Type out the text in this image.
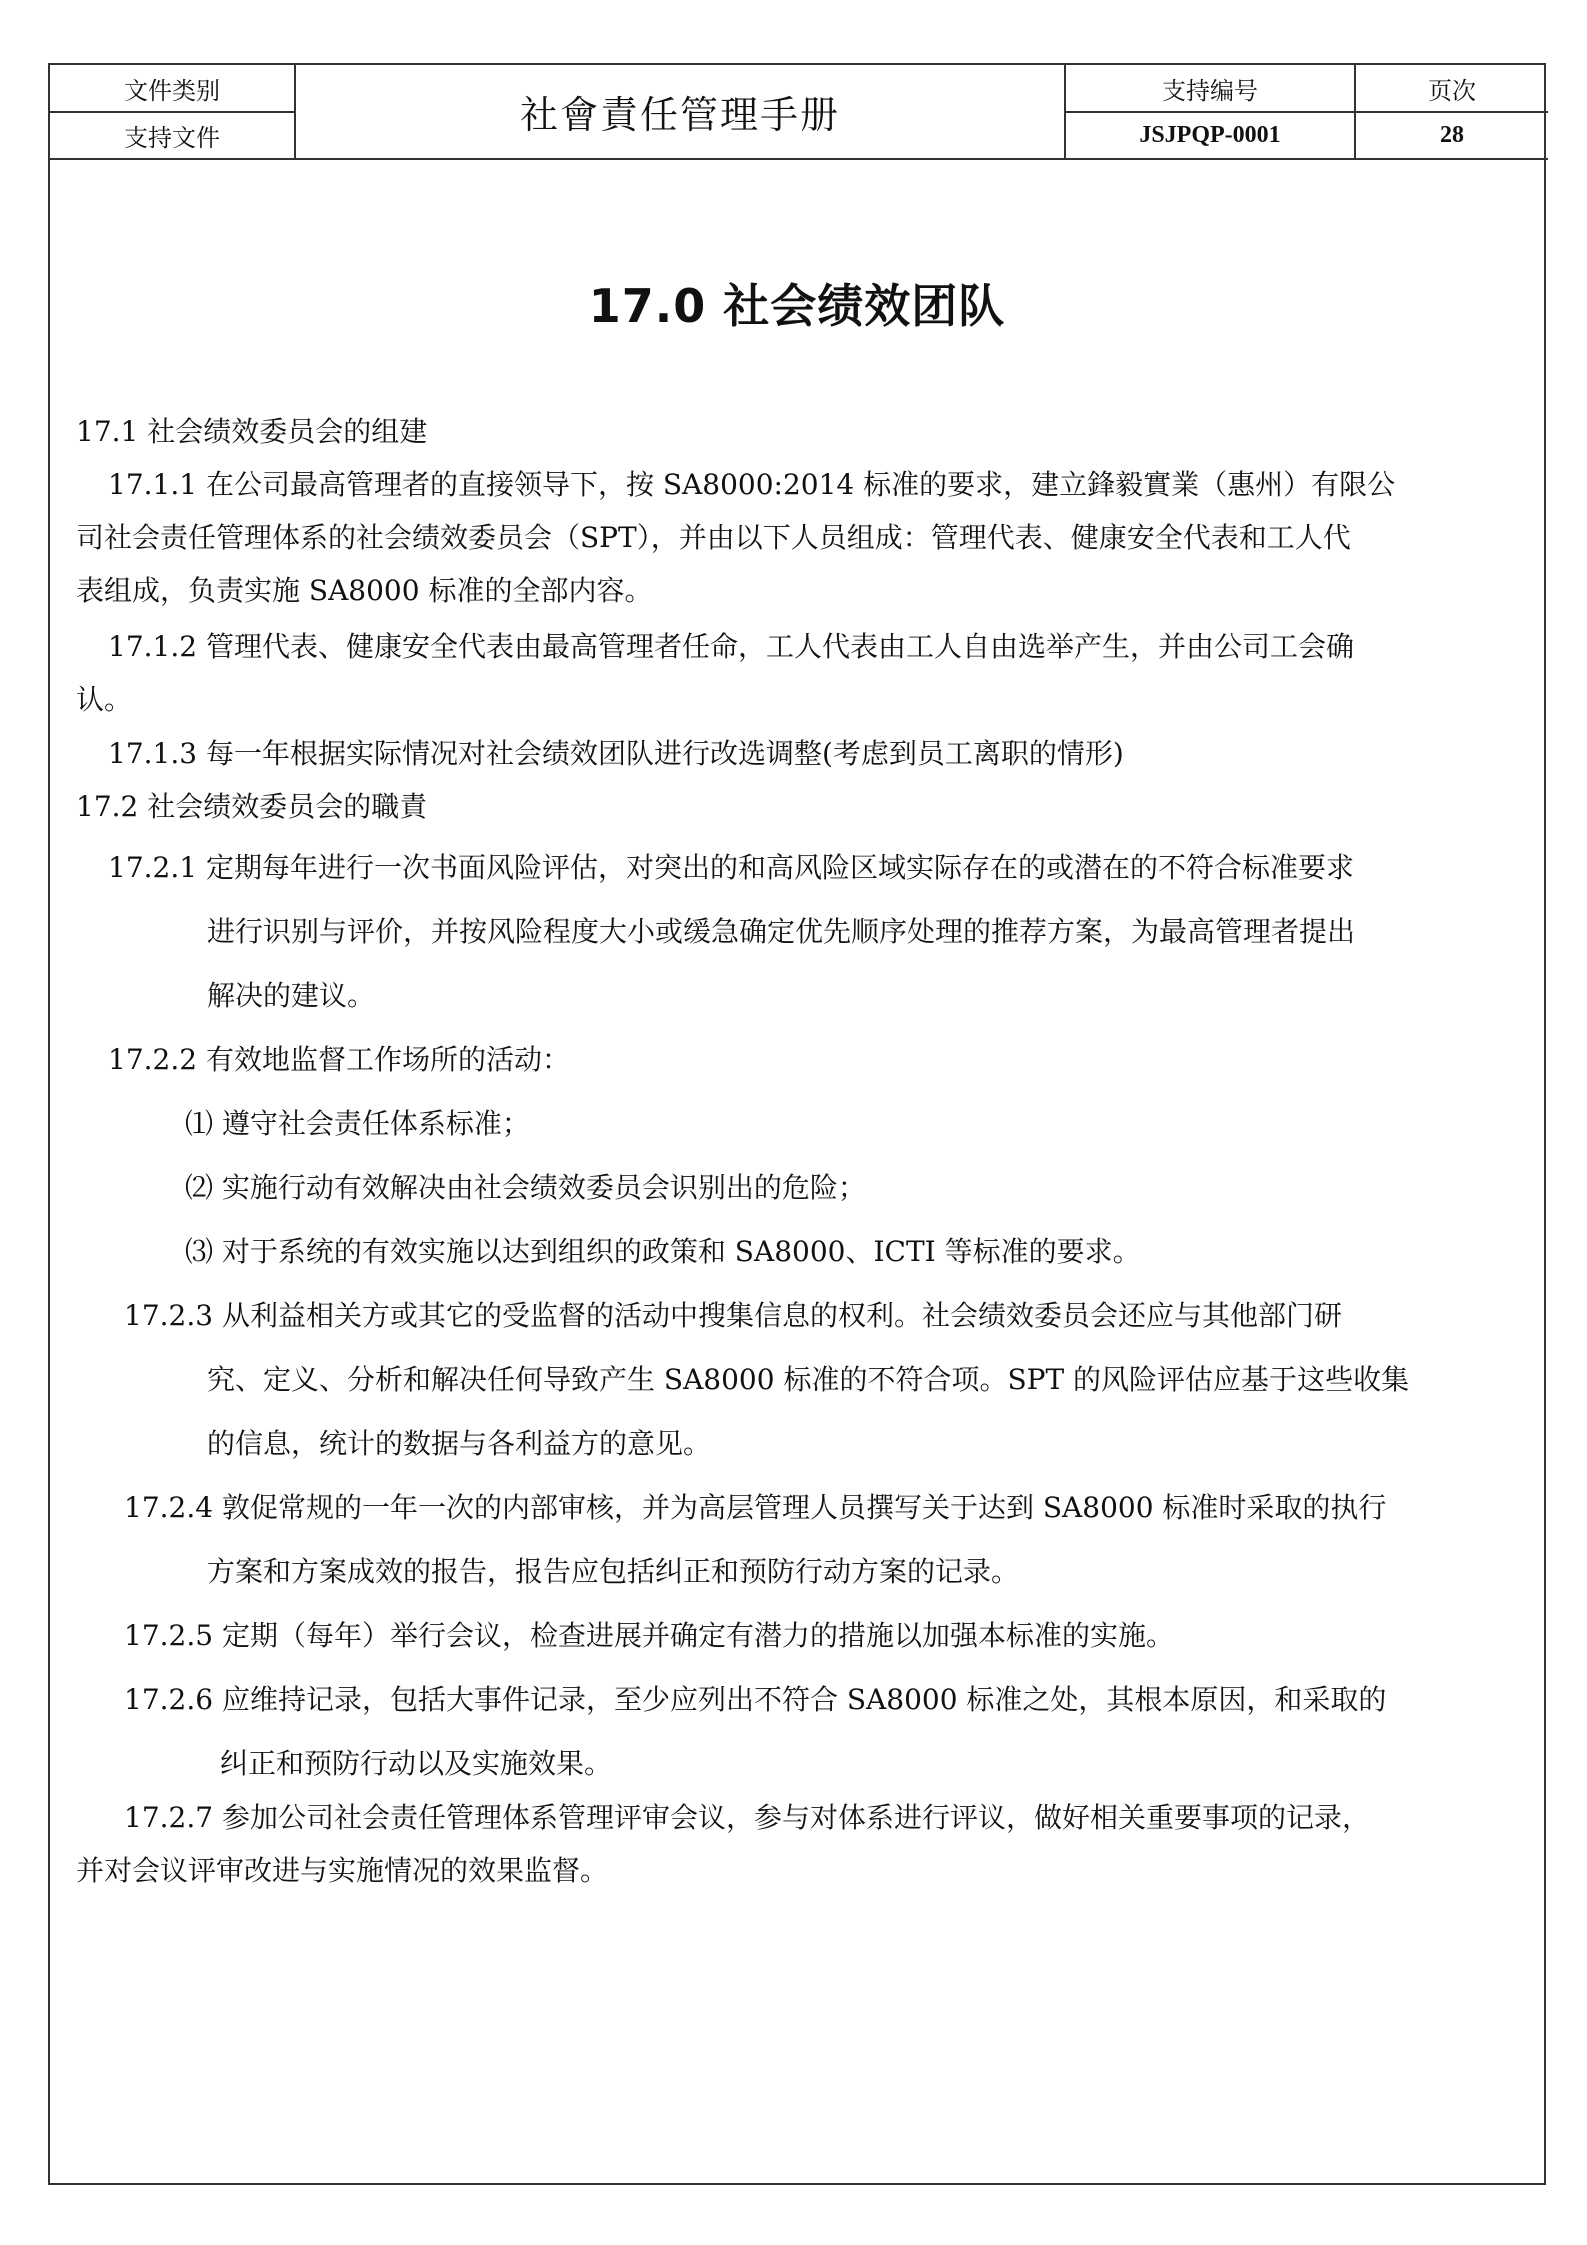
文件类别	社會責任管理手册	支持编号	页次
支持文件		JSJPQP-0001	28
17.0 社会绩效团队
17.1 社会绩效委员会的组建
17.1.1 在公司最高管理者的直接领导下，按 SA8000:2014 标准的要求，建立鋒毅實業（惠州）有限公
司社会责任管理体系的社会绩效委员会（SPT），并由以下人员组成：管理代表、健康安全代表和工人代
表组成，负责实施 SA8000 标准的全部内容。
17.1.2 管理代表、健康安全代表由最高管理者任命，工人代表由工人自由选举产生，并由公司工会确
认。
17.1.3 每一年根据实际情况对社会绩效团队进行改选调整(考虑到员工离职的情形)
17.2 社会绩效委员会的職責
17.2.1 定期每年进行一次书面风险评估，对突出的和高风险区域实际存在的或潜在的不符合标准要求
进行识别与评价，并按风险程度大小或缓急确定优先顺序处理的推荐方案，为最高管理者提出
解决的建议。
17.2.2 有效地监督工作场所的活动：
⑴ 遵守社会责任体系标准；
⑵ 实施行动有效解决由社会绩效委员会识别出的危险；
⑶ 对于系统的有效实施以达到组织的政策和 SA8000、ICTI 等标准的要求。
17.2.3 从利益相关方或其它的受监督的活动中搜集信息的权利。社会绩效委员会还应与其他部门研
究、定义、分析和解决任何导致产生 SA8000 标准的不符合项。SPT 的风险评估应基于这些收集
的信息，统计的数据与各利益方的意见。
17.2.4 敦促常规的一年一次的内部审核，并为高层管理人员撰写关于达到 SA8000 标准时采取的执行
方案和方案成效的报告，报告应包括纠正和预防行动方案的记录。
17.2.5 定期（每年）举行会议，检查进展并确定有潜力的措施以加强本标准的实施。
17.2.6 应维持记录，包括大事件记录，至少应列出不符合 SA8000 标准之处，其根本原因，和采取的
纠正和预防行动以及实施效果。
17.2.7 参加公司社会责任管理体系管理评审会议，参与对体系进行评议，做好相关重要事项的记录，
并对会议评审改进与实施情况的效果监督。
